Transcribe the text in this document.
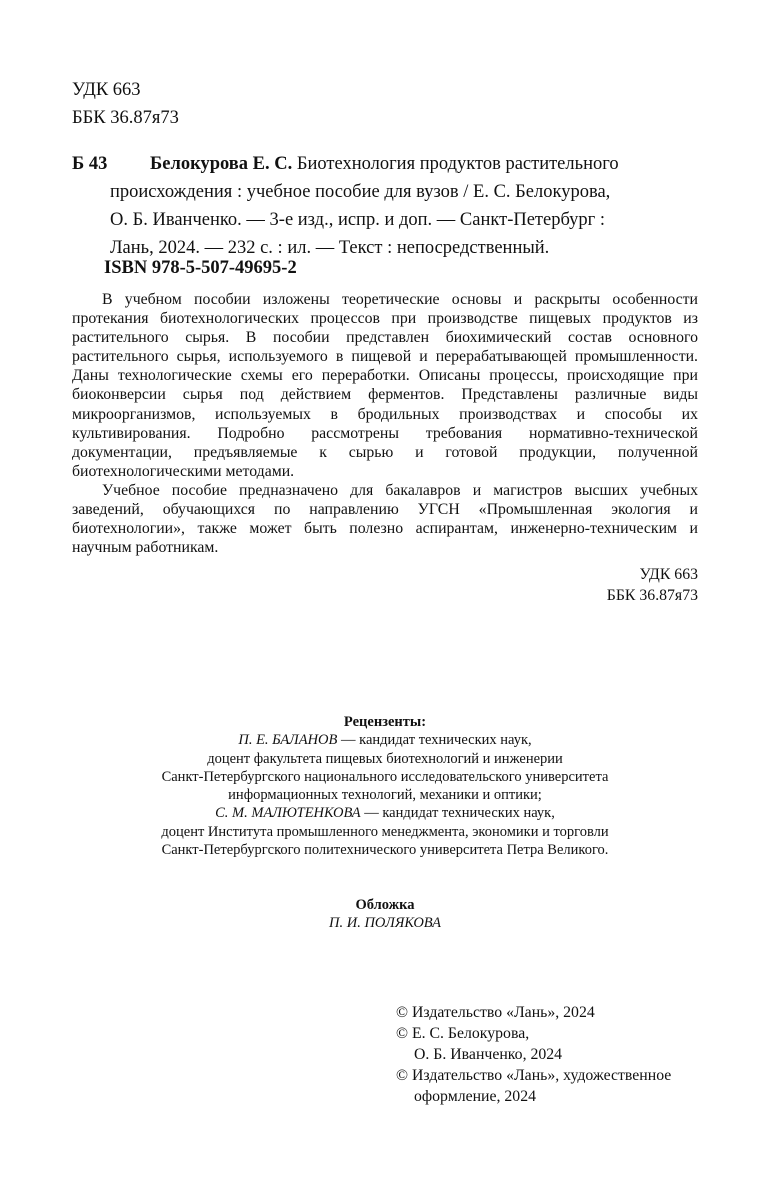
УДК 663
ББК 36.87я73
Б 43 Белокурова Е. С. Биотехнология продуктов растительного
происхождения : учебное пособие для вузов / Е. С. Белокурова,
О. Б. Иванченко. — 3-е изд., испр. и доп. — Санкт-Петербург :
Лань, 2024. — 232 с. : ил. — Текст : непосредственный.
ISBN 978-5-507-49695-2

В учебном пособии изложены теоретические основы и раскрыты особенности протекания биотехнологических процессов при производстве пищевых продуктов из растительного сырья. В пособии представлен биохимический состав основного растительного сырья, используемого в пищевой и перерабатывающей промышленности. Даны технологические схемы его переработки. Описаны процессы, происходящие при биоконверсии сырья под действием ферментов. Представлены различные виды микроорганизмов, используемых в бродильных производствах и способы их культивирования. Подробно рассмотрены требования нормативно-технической документации, предъявляемые к сырью и готовой продукции, полученной биотехнологическими методами.

Учебное пособие предназначено для бакалавров и магистров высших учебных заведений, обучающихся по направлению УГСН «Промышленная экология и биотехнологии», также может быть полезно аспирантам, инженерно-техническим и научным работникам.

УДК 663
ББК 36.87я73
Рецензенты:
П. Е. БАЛАНОВ — кандидат технических наук,
доцент факультета пищевых биотехнологий и инженерии
Санкт-Петербургского национального исследовательского университета
информационных технологий, механики и оптики;
С. М. МАЛЮТЕНКОВА — кандидат технических наук,
доцент Института промышленного менеджмента, экономики и торговли
Санкт-Петербургского политехнического университета Петра Великого.
Обложка
П. И. ПОЛЯКОВА
© Издательство «Лань», 2024
© Е. С. Белокурова,
О. Б. Иванченко, 2024
© Издательство «Лань», художественное
оформление, 2024
